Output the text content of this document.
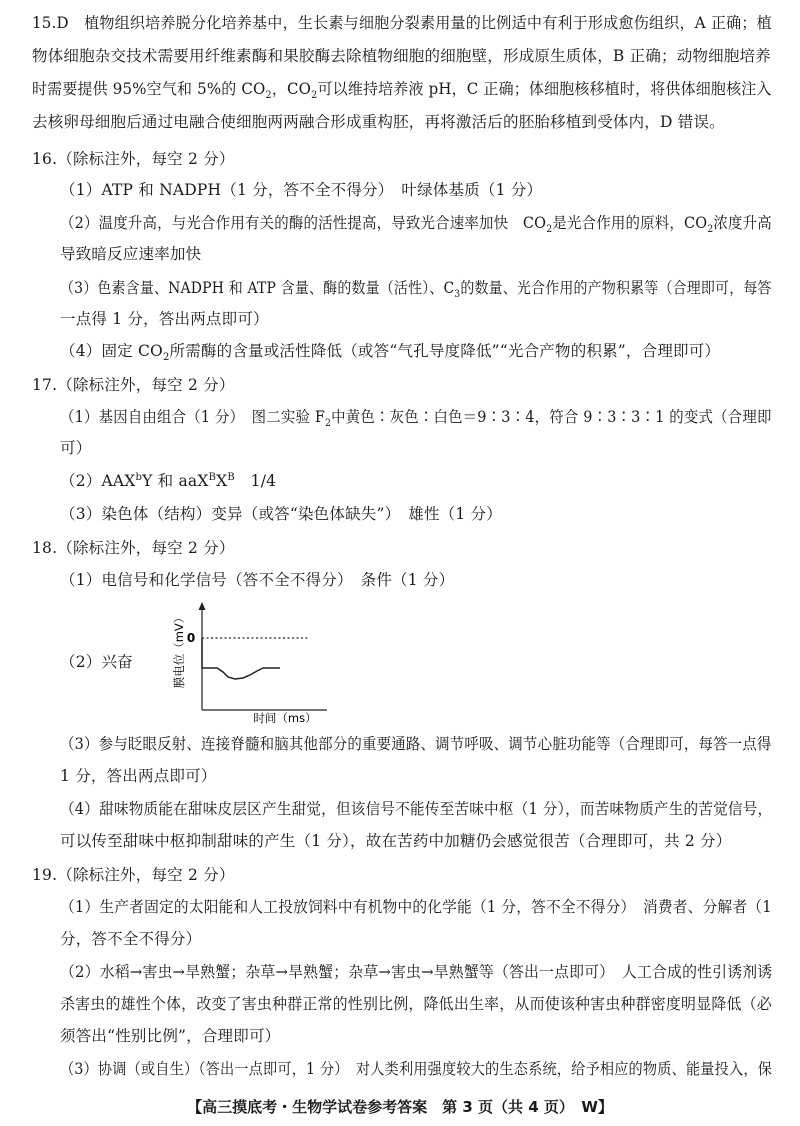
15.D　植物组织培养脱分化培养基中，生长素与细胞分裂素用量的比例适中有利于形成愈伤组织，A 正确；植
物体细胞杂交技术需要用纤维素酶和果胶酶去除植物细胞的细胞壁，形成原生质体，B 正确；动物细胞培养
时需要提供 95%空气和 5%的 $CO_2$，$CO_2$可以维持培养液 pH，C 正确；体细胞核移植时，将供体细胞核注入
去核卵母细胞后通过电融合使细胞两两融合形成重构胚，再将激活后的胚胎移植到受体内，D 错误。
16.（除标注外，每空 2 分）
（1）ATP 和 NADPH（1 分，答不全不得分）　叶绿体基质（1 分）
（2）温度升高，与光合作用有关的酶的活性提高，导致光合速率加快　$CO_2$是光合作用的原料，$CO_2$浓度升高
导致暗反应速率加快
（3）色素含量、NADPH 和 ATP 含量、酶的数量（活性）、$C_3$的数量、光合作用的产物积累等（合理即可，每答
一点得 1 分，答出两点即可）
（4）固定 $CO_2$所需酶的含量或活性降低（或答“气孔导度降低”“光合产物的积累”，合理即可）
17.（除标注外，每空 2 分）
（1）基因自由组合（1 分）　图二实验 $F_2$中黄色∶灰色∶白色＝9∶3∶4，符合 9∶3∶3∶1 的变式（合理即
可）
（2）AAX$^b$Y 和 $aaX^BX^B$　1/4
（3）染色体（结构）变异（或答“染色体缺失”）　雄性（1 分）
18.（除标注外，每空 2 分）
（1）电信号和化学信号（答不全不得分）　条件（1 分）
（2）兴奋
0
膜电位（mV）
时间（ms）
（3）参与眨眼反射、连接脊髓和脑其他部分的重要通路、调节呼吸、调节心脏功能等（合理即可，每答一点得
1 分，答出两点即可）
（4）甜味物质能在甜味皮层区产生甜觉，但该信号不能传至苦味中枢（1 分），而苦味物质产生的苦觉信号，
可以传至甜味中枢抑制甜味的产生（1 分），故在苦药中加糖仍会感觉很苦（合理即可，共 2 分）
19.（除标注外，每空 2 分）
（1）生产者固定的太阳能和人工投放饲料中有机物中的化学能（1 分，答不全不得分）　消费者、分解者（1
分，答不全不得分）
（2）水稻→害虫→旱熟蟹；杂草→旱熟蟹；杂草→害虫→旱熟蟹等（答出一点即可）　人工合成的性引诱剂诱
杀害虫的雄性个体，改变了害虫种群正常的性别比例，降低出生率，从而使该种害虫种群密度明显降低（必
须答出“性别比例”，合理即可）
（3）协调（或自生）（答出一点即可，1 分）　对人类利用强度较大的生态系统，给予相应的物质、能量投入，保
【高三摸底考・生物学试卷参考答案　第 3 页（共 4 页）　W】
